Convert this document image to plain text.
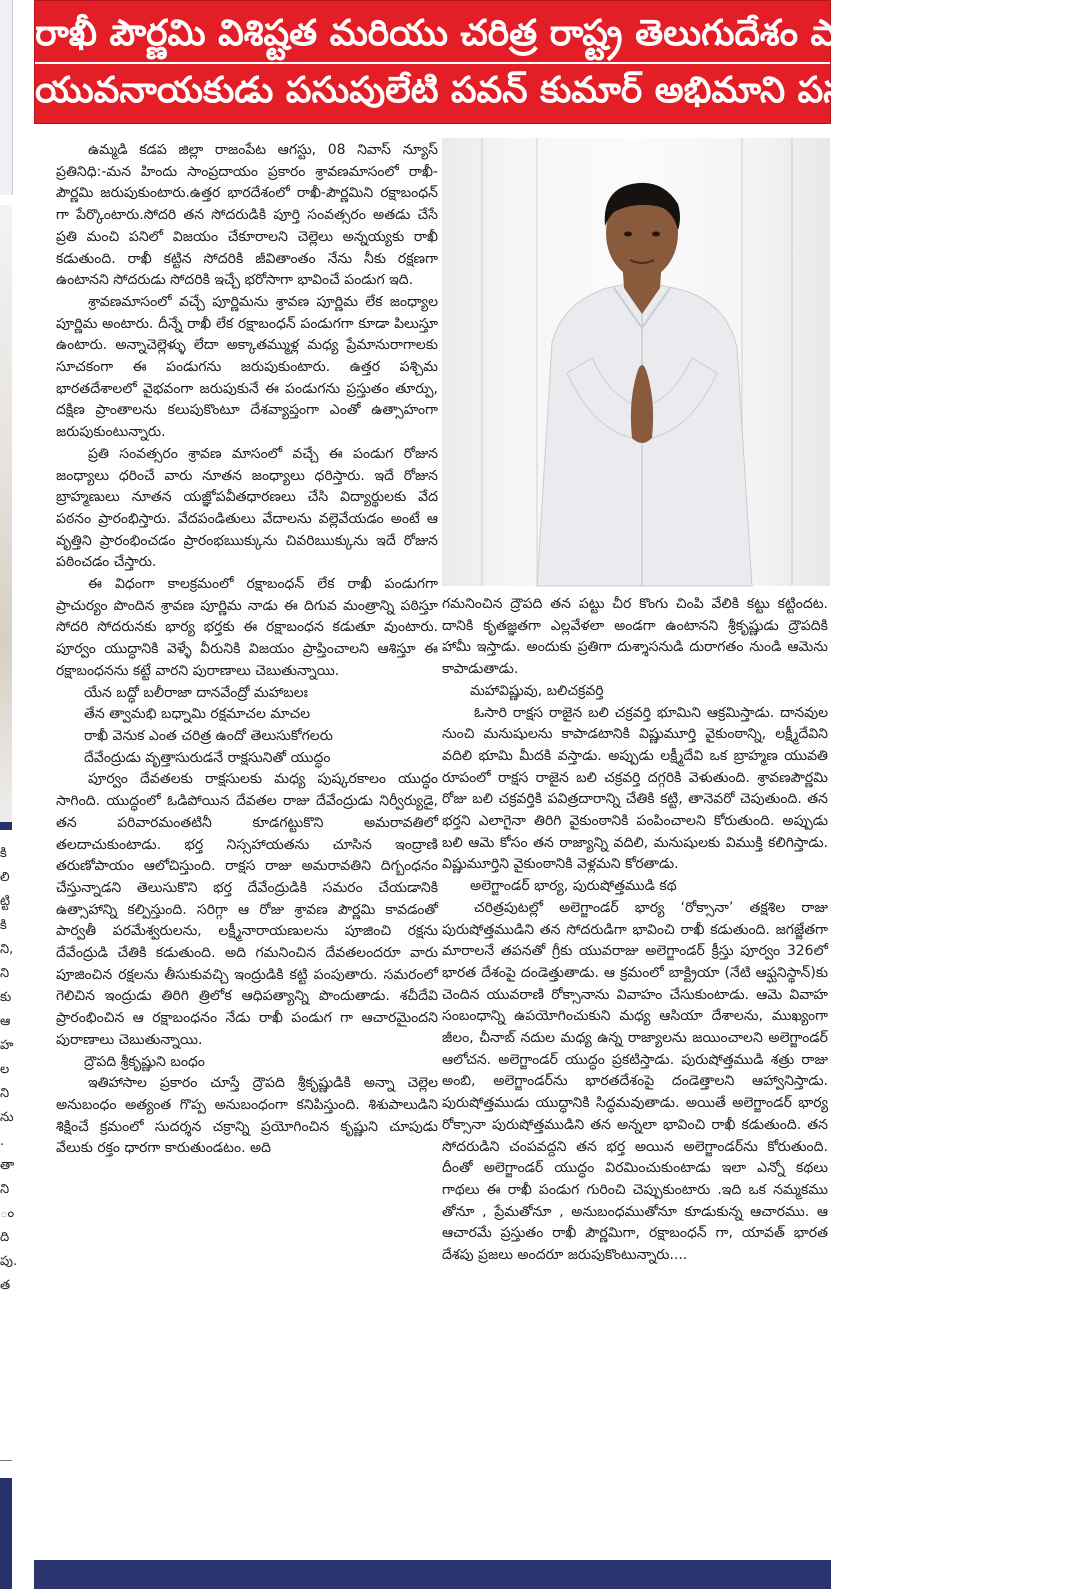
కి
లి
ట్టి
కి
ని,
ని
కు
ఆ
హ
ల
ని
ను
.
తా
ని
ం
ది
పు.
త
రాఖీ పౌర్ణమి విశిష్టత మరియు చరిత్ర రాష్ట్ర తెలుగుదేశం పార్టీ
యువనాయకుడు పసుపులేటి పవన్ కుమార్ అభిమాని పసుపులేటి వినోద్...

ఉమ్మడి కడప జిల్లా రాజంపేట ఆగస్టు, 08 నివాస్ న్యూస్ ప్రతినిధి:-మన హిందు సాంప్రదాయం ప్రకారం శ్రావణమాసంలో రాఖీ-పౌర్ణమి జరుపుకుంటారు.ఉత్తర భారదేశంలో రాఖీ-పౌర్ణమిని రక్షాబంధన్ గా పేర్కొంటారు.సోదరి తన సోదరుడికి పూర్తి సంవత్సరం అతడు చేసే ప్రతి మంచి పనిలో విజయం చేకూరాలని చెల్లెలు అన్నయ్యకు రాఖీ కడుతుంది. రాఖీ కట్టిన సోదరికి జీవితాంతం నేను నీకు రక్షణగా ఉంటానని సోదరుడు సోదరికి ఇచ్చే భరోసాగా భావించే పండుగ ఇది.

శ్రావణమాసంలో వచ్చే పూర్ణిమను శ్రావణ పూర్ణిమ లేక జంధ్యాల పూర్ణిమ అంటారు. దీన్నే రాఖీ లేక రక్షాబంధన్ పండుగగా కూడా పిలుస్తూ ఉంటారు. అన్నాచెల్లెళ్ళు లేదా అక్కాతమ్ముళ్ల మధ్య ప్రేమానురాగాలకు సూచకంగా ఈ పండుగను జరుపుకుంటారు. ఉత్తర పశ్చిమ భారతదేశాలలో వైభవంగా జరుపుకునే ఈ పండుగను ప్రస్తుతం తూర్పు, దక్షిణ ప్రాంతాలను కలుపుకొంటూ దేశవ్యాప్తంగా ఎంతో ఉత్సాహంగా జరుపుకుంటున్నారు.

ప్రతి సంవత్సరం శ్రావణ మాసంలో వచ్చే ఈ పండుగ రోజున జంధ్యాలు ధరించే వారు నూతన జంధ్యాలు ధరిస్తారు. ఇదే రోజున బ్రాహ్మణులు నూతన యజ్ఞోపవీతధారణలు చేసి విద్యార్థులకు వేద పఠనం ప్రారంభిస్తారు. వేదపండితులు వేదాలను వల్లెవేయడం అంటే ఆ వృత్తిని ప్రారంభించడం ప్రారంభఋక్కును చివరిఋక్కును ఇదే రోజున పఠించడం చేస్తారు.

ఈ విధంగా కాలక్రమంలో రక్షాబంధన్ లేక రాఖీ పండుగగా ప్రాచుర్యం పొందిన శ్రావణ పూర్ణిమ నాడు ఈ దిగువ మంత్రాన్ని పఠిస్తూ సోదరి సోదరునకు భార్య భర్తకు ఈ రక్షాబంధన కడుతూ వుంటారు. పూర్వం యుద్ధానికి వెళ్ళే వీరునికి విజయం ప్రాప్తించాలని ఆశిస్తూ ఈ రక్షాబంధనను కట్టే వారని పురాణాలు చెబుతున్నాయి.

యేన బద్ధో బలీరాజా దానవేంద్రో మహాబలః

తేన త్వామభి బధ్నామి రక్షమాచల మాచల

రాఖీ వెనుక ఎంత చరిత్ర ఉందో తెలుసుకోగలరు

దేవేంద్రుడు వృత్తాసురుడనే రాక్షసునితో యుద్ధం

పూర్వం దేవతలకు రాక్షసులకు మధ్య పుష్కరకాలం యుద్ధం సాగింది. యుద్ధంలో ఓడిపోయిన దేవతల రాజు దేవేంద్రుడు నిర్వీర్యుడై, తన పరివారమంతటినీ కూడగట్టుకొని అమరావతిలో తలదాచుకుంటాడు. భర్త నిస్సహాయతను చూసిన ఇంద్రాణి తరుణోపాయం ఆలోచిస్తుంది. రాక్షస రాజు అమరావతిని దిగ్బంధనం చేస్తున్నాడని తెలుసుకొని భర్త దేవేంద్రుడికి సమరం చేయడానికి ఉత్సాహాన్ని కల్పిస్తుంది. సరిగ్గా ఆ రోజు శ్రావణ పౌర్ణమి కావడంతో పార్వతీ పరమేశ్వరులను, లక్ష్మీనారాయణులను పూజించి రక్షను దేవేంద్రుడి చేతికి కడుతుంది. అది గమనించిన దేవతలందరూ వారు పూజించిన రక్షలను తీసుకువచ్చి ఇంద్రుడికి కట్టి పంపుతారు. సమరంలో గెలిచిన ఇంద్రుడు తిరిగి త్రిలోక ఆధిపత్యాన్ని పొందుతాడు. శచీదేవి ప్రారంభించిన ఆ రక్షాబంధనం నేడు రాఖీ పండుగ గా ఆచారమైందని పురాణాలు చెబుతున్నాయి.

ద్రౌపది శ్రీకృష్ణుని బంధం

ఇతిహాసాల ప్రకారం చూస్తే ద్రౌపది శ్రీకృష్ణుడికి అన్నా చెల్లెల అనుబంధం అత్యంత గొప్ప అనుబంధంగా కనిపిస్తుంది. శిశుపాలుడిని శిక్షించే క్రమంలో సుదర్శన చక్రాన్ని ప్రయోగించిన కృష్ణుని చూపుడు వేలుకు రక్తం ధారగా కారుతుండటం. అది

గమనించిన ద్రౌపది తన పట్టు చీర కొంగు చింపి వేలికి కట్టు కట్టిందట. దానికి కృతజ్ఞతగా ఎల్లవేళలా అండగా ఉంటానని శ్రీకృష్ణుడు ద్రౌపదికి హామీ ఇస్తాడు. అందుకు ప్రతిగా దుశ్శాసనుడి దురాగతం నుండి ఆమెను కాపాడుతాడు.

మహావిష్ణువు, బలిచక్రవర్తి

ఓసారి రాక్షస రాజైన బలి చక్రవర్తి భూమిని ఆక్రమిస్తాడు. దానవుల నుంచి మనుషులను కాపాడటానికి విష్ణుమూర్తి వైకుంఠాన్ని, లక్ష్మీదేవిని వదిలి భూమి మీదకి వస్తాడు. అప్పుడు లక్ష్మీదేవి ఒక బ్రాహ్మణ యువతి రూపంలో రాక్షస రాజైన బలి చక్రవర్తి దగ్గరికి వెళుతుంది. శ్రావణపౌర్ణమి రోజు బలి చక్రవర్తికి పవిత్రదారాన్ని చేతికి కట్టి, తానెవరో చెపుతుంది. తన భర్తని ఎలాగైనా తిరిగి వైకుంఠానికి పంపించాలని కోరుతుంది. అప్పుడు బలి ఆమె కోసం తన రాజ్యాన్ని వదిలి, మనుషులకు విముక్తి కలిగిస్తాడు. విష్ణుమూర్తిని వైకుంఠానికి వెళ్లమని కోరతాడు.

అలెగ్జాండర్ భార్య, పురుషోత్తముడి కథ

చరిత్రపుటల్లో అలెగ్జాండర్ భార్య ‘రోక్సానా’ తక్షశిల రాజు పురుషోత్తముడిని తన సోదరుడిగా భావించి రాఖీ కడుతుంది. జగజ్జేతగా మారాలనే తపనతో గ్రీకు యువరాజు అలెగ్జాండర్ క్రీస్తు పూర్వం 326లో భారత దేశంపై దండెత్తుతాడు. ఆ క్రమంలో బాక్ట్రియా (నేటి ఆఫ్ఘనిస్థాన్)కు చెందిన యువరాణి రోక్సానాను వివాహం చేసుకుంటాడు. ఆమె వివాహ సంబంధాన్ని ఉపయోగించుకుని మధ్య ఆసియా దేశాలను, ముఖ్యంగా జీలం, చీనాబ్ నదుల మధ్య ఉన్న రాజ్యాలను జయించాలని అలెగ్జాండర్ ఆలోచన. అలెగ్జాండర్ యుద్ధం ప్రకటిస్తాడు. పురుషోత్తముడి శత్రు రాజు అంబి, అలెగ్జాండర్‌ను భారతదేశంపై దండెత్తాలని ఆహ్వానిస్తాడు. పురుషోత్తముడు యుద్ధానికి సిద్ధమవుతాడు. అయితే అలెగ్జాండర్ భార్య రోక్సానా పురుషోత్తముడిని తన అన్నలా భావించి రాఖీ కడుతుంది. తన సోదరుడిని చంపవద్దని తన భర్త అయిన అలెగ్జాండర్‌ను కోరుతుంది. దీంతో అలెగ్జాండర్ యుద్ధం విరమించుకుంటాడు ఇలా ఎన్నో కథలు గాథలు ఈ రాఖీ పండుగ గురించి చెప్పుకుంటారు .ఇది ఒక నమ్మకము తోనూ , ప్రేమతోనూ , అనుబంధముతోనూ కూడుకున్న ఆచారము. ఆ ఆచారమే ప్రస్తుతం రాఖీ పౌర్ణమిగా, రక్షాబంధన్ గా, యావత్ భారత దేశపు ప్రజలు అందరూ జరుపుకొంటున్నారు....
